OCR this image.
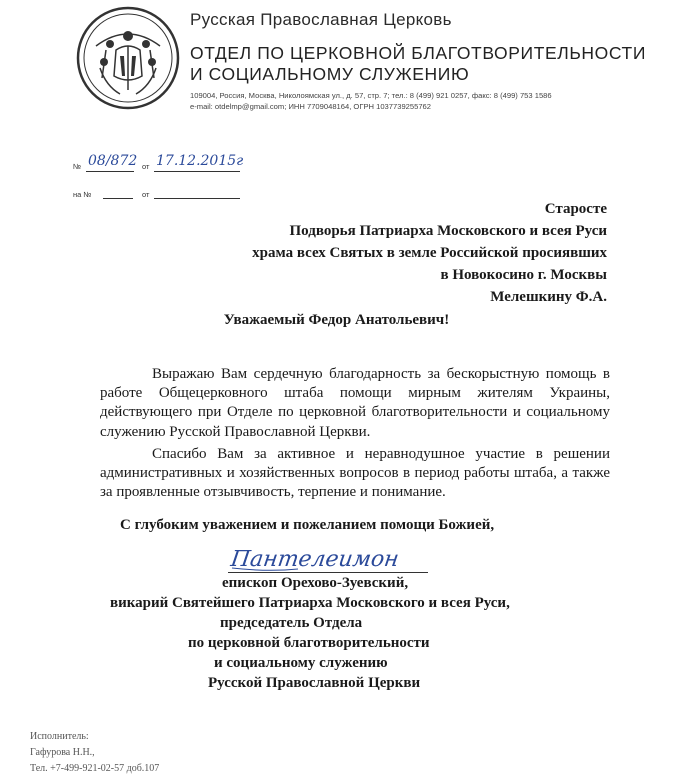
Русская Православная Церковь
ОТДЕЛ ПО ЦЕРКОВНОЙ БЛАГОТВОРИТЕЛЬНОСТИ
И СОЦИАЛЬНОМУ СЛУЖЕНИЮ
109004, Россия, Москва, Николоямская ул., д. 57, стр. 7; тел.: 8 (499) 921 0257, факс: 8 (499) 753 1586
e-mail: otdelmp@gmail.com; ИНН 7709048164, ОГРН 1037739255762
№ 08/872 от 17.12.2015г
на №	от
Старосте
Подворья Патриарха Московского и всея Руси
храма всех Святых в земле Российской просиявших
в Новокосино г. Москвы
Мелешкину Ф.А.
Уважаемый Федор Анатольевич!
Выражаю Вам сердечную благодарность за бескорыстную помощь в работе Общецерковного штаба помощи мирным жителям Украины, действующего при Отделе по церковной благотворительности и социальному служению Русской Православной Церкви.
Спасибо Вам за активное и неравнодушное участие в решении административных и хозяйственных вопросов в период работы штаба, а также за проявленные отзывчивость, терпение и понимание.
С глубоким уважением и пожеланием помощи Божией,
Пантелеимон
епископ Орехово-Зуевский,
викарий Святейшего Патриарха Московского и всея Руси,
председатель Отдела
по церковной благотворительности
и социальному служению
Русской Православной Церкви
Исполнитель:
Гафурова Н.Н.,
Тел. +7-499-921-02-57 доб.107
